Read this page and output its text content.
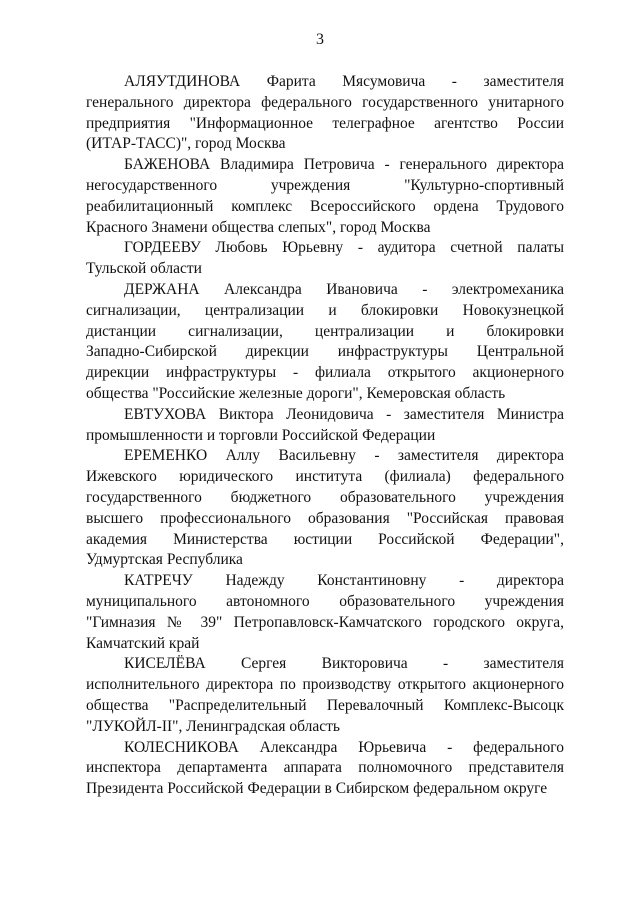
3
АЛЯУТДИНОВА Фарита Мясумовича - заместителя
генерального директора федерального государственного унитарного
предприятия "Информационное телеграфное агентство России
(ИТАР-ТАСС)", город Москва
БАЖЕНОВА Владимира Петровича - генерального директора
негосударственного учреждения "Культурно-спортивный
реабилитационный комплекс Всероссийского ордена Трудового
Красного Знамени общества слепых", город Москва
ГОРДЕЕВУ Любовь Юрьевну - аудитора счетной палаты
Тульской области
ДЕРЖАНА Александра Ивановича - электромеханика
сигнализации, централизации и блокировки Новокузнецкой
дистанции сигнализации, централизации и блокировки
Западно-Сибирской дирекции инфраструктуры Центральной
дирекции инфраструктуры - филиала открытого акционерного
общества "Российские железные дороги", Кемеровская область
ЕВТУХОВА Виктора Леонидовича - заместителя Министра
промышленности и торговли Российской Федерации
ЕРЕМЕНКО Аллу Васильевну - заместителя директора
Ижевского юридического института (филиала) федерального
государственного бюджетного образовательного учреждения
высшего профессионального образования "Российская правовая
академия Министерства юстиции Российской Федерации",
Удмуртская Республика
КАТРЕЧУ Надежду Константиновну - директора
муниципального автономного образовательного учреждения
"Гимназия № 39" Петропавловск-Камчатского городского округа,
Камчатский край
КИСЕЛЁВА Сергея Викторовича - заместителя
исполнительного директора по производству открытого акционерного
общества "Распределительный Перевалочный Комплекс-Высоцк
"ЛУКОЙЛ-II", Ленинградская область
КОЛЕСНИКОВА Александра Юрьевича - федерального
инспектора департамента аппарата полномочного представителя
Президента Российской Федерации в Сибирском федеральном округе
